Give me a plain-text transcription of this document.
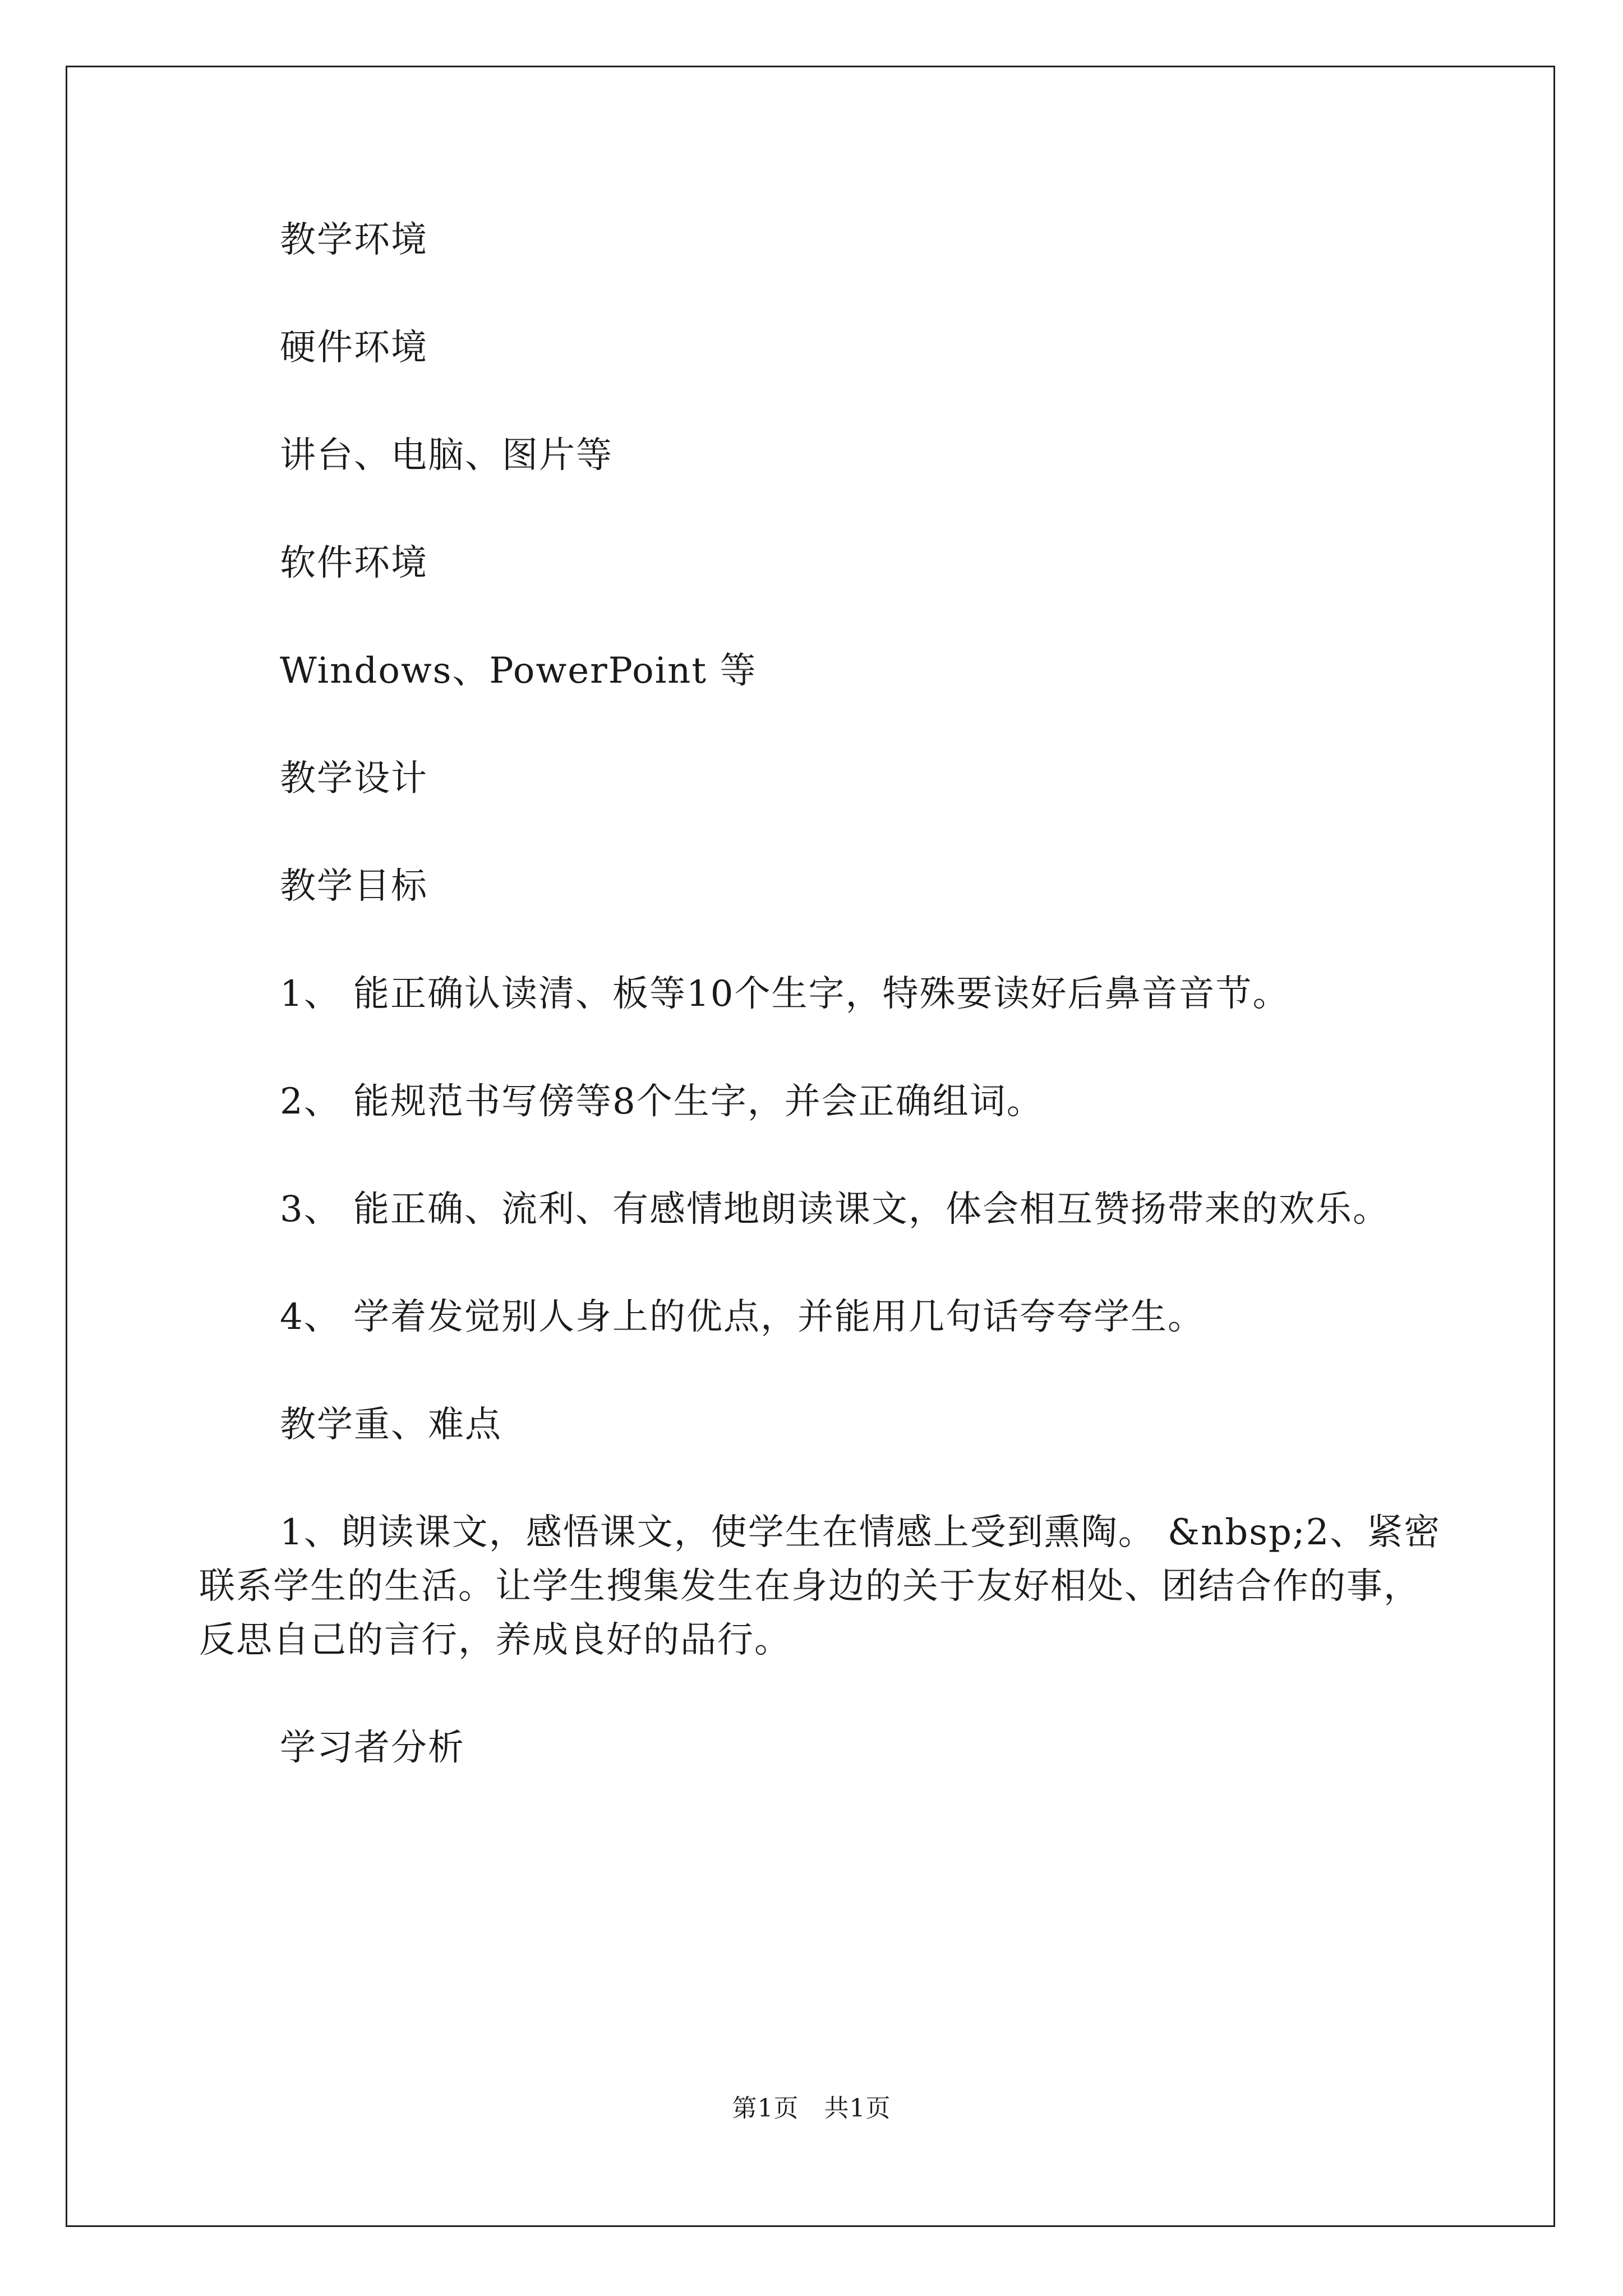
教学环境

硬件环境

讲台、电脑、图片等

软件环境

Windows、PowerPoint 等

教学设计

教学目标

1、 能正确认读清、板等10个生字，特殊要读好后鼻音音节。

2、 能规范书写傍等8个生字，并会正确组词。

3、 能正确、流利、有感情地朗读课文，体会相互赞扬带来的欢乐。

4、 学着发觉别人身上的优点，并能用几句话夸夸学生。

教学重、难点

1、朗读课文，感悟课文，使学生在情感上受到熏陶。 &nbsp;2、紧密联系学生的生活。让学生搜集发生在身边的关于友好相处、团结合作的事，反思自己的言行，养成良好的品行。

学习者分析

第1页　共1页
